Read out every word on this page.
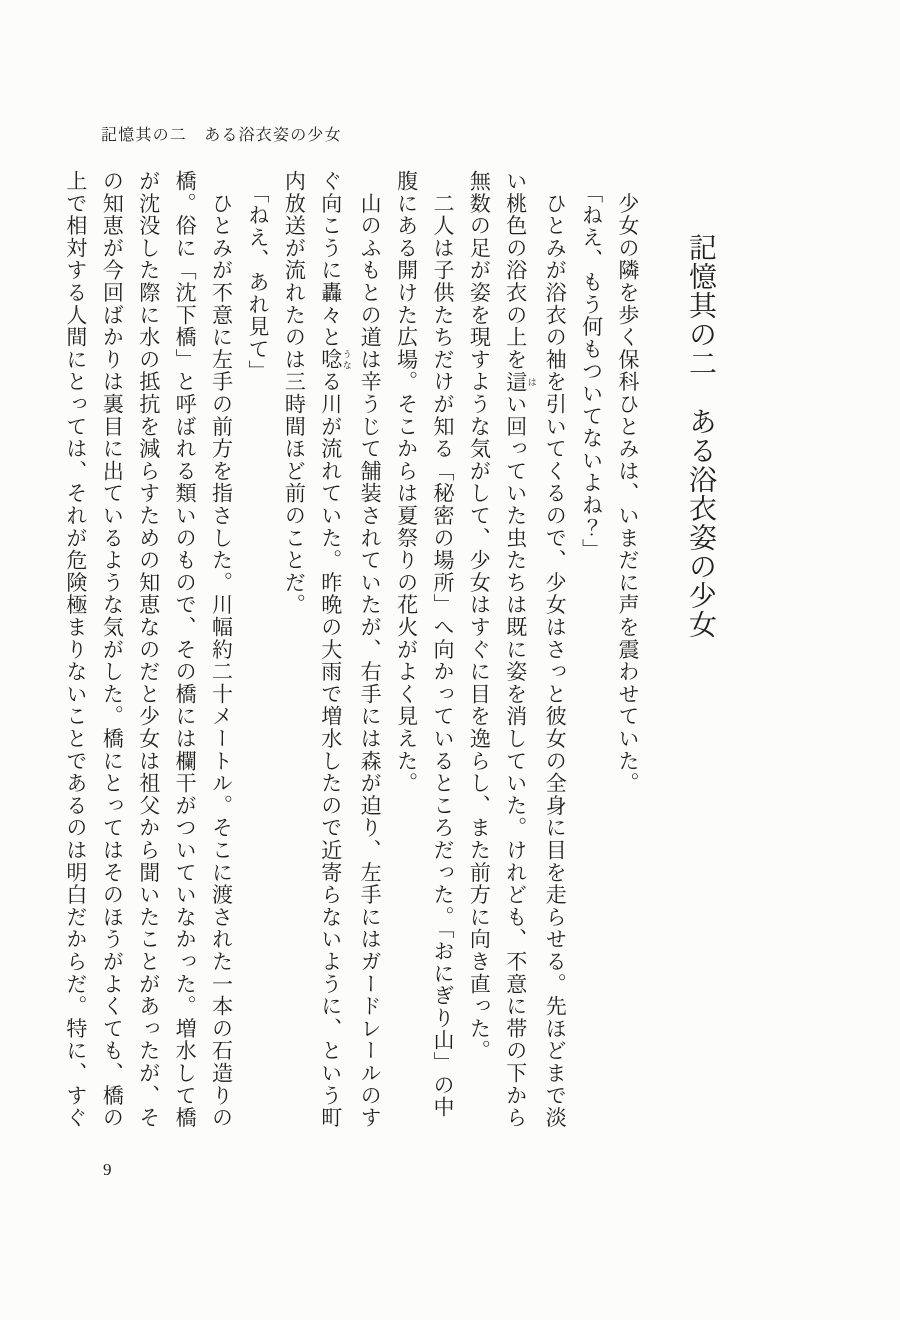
記憶其の二　ある浴衣姿の少女
記憶其の二　ある浴衣姿の少女
　少女の隣を歩く保科ひとみは、いまだに声を震わせていた。
　「ねえ、もう何もついてないよね？」
　ひとみが浴衣の袖を引いてくるので、少女はさっと彼女の全身に目を走らせる。先ほどまで淡
い桃色の浴衣の上を這 はい回っていた虫たちは既に姿を消していた。けれども、不意に帯の下から
無数の足が姿を現すような気がして、少女はすぐに目を逸らし、また前方に向き直った。
　二人は子供たちだけが知る「秘密の場所」へ向かっているところだった。「おにぎり山」の中
腹にある開けた広場。そこからは夏祭りの花火がよく見えた。
　山のふもとの道は辛うじて舗装されていたが、右手には森が迫り、左手にはガードレールのす
ぐ向こうに轟々と唸 うなる川が流れていた。昨晩の大雨で増水したので近寄らないように、という町
内放送が流れたのは三時間ほど前のことだ。
　「ねえ、あれ見て」
　ひとみが不意に左手の前方を指さした。川幅約二十メートル。そこに渡された一本の石造りの
橋。俗に「沈下橋」と呼ばれる類いのもので、その橋には欄干がついていなかった。増水して橋
が沈没した際に水の抵抗を減らすための知恵なのだと少女は祖父から聞いたことがあったが、そ
の知恵が今回ばかりは裏目に出ているような気がした。橋にとってはそのほうがよくても、橋の
上で相対する人間にとっては、それが危険極まりないことであるのは明白だからだ。特に、すぐ
9
